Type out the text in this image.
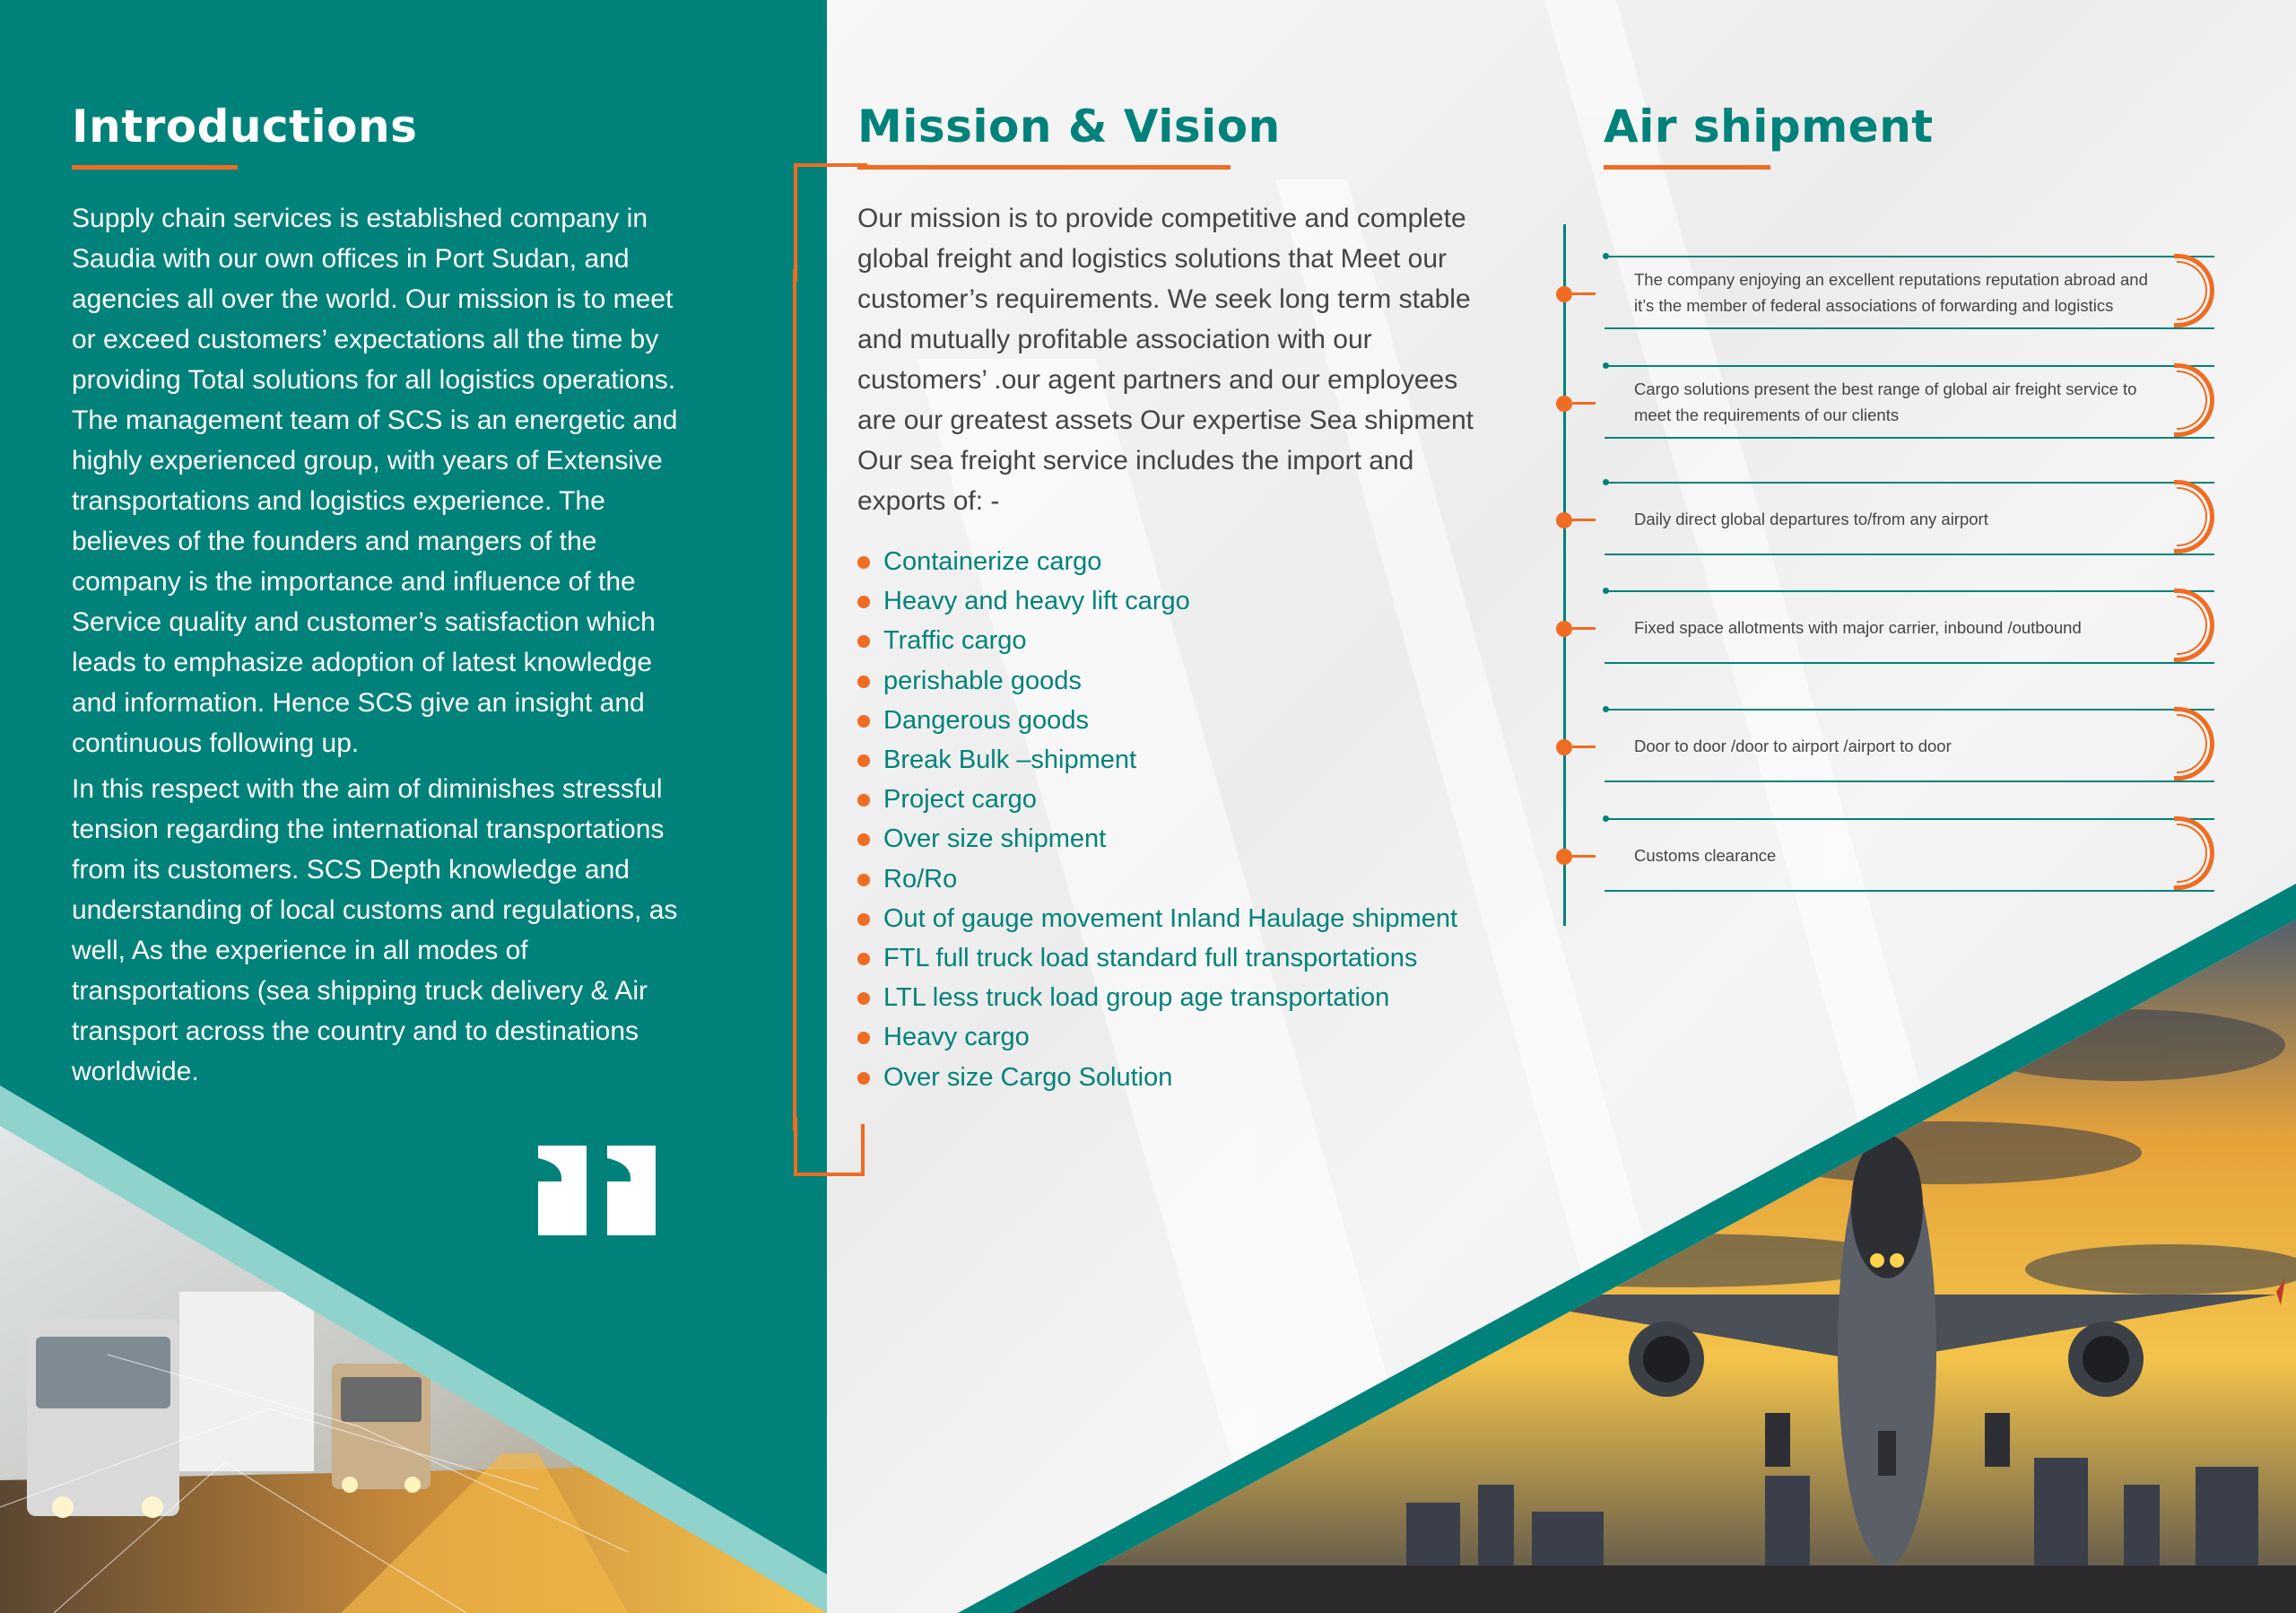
Introductions

Supply chain services is established company in Saudia with our own offices in Port Sudan, and agencies all over the world. Our mission is to meet or exceed customers’ expectations all the time by providing Total solutions for all logistics operations. The management team of SCS is an energetic and highly experienced group, with years of Extensive transportations and logistics experience. The believes of the founders and mangers of the company is the importance and influence of the Service quality and customer’s satisfaction which leads to emphasize adoption of latest knowledge and information. Hence SCS give an insight and continuous following up.

In this respect with the aim of diminishes stressful tension regarding the international transportations from its customers. SCS Depth knowledge and understanding of local customs and regulations, as well, As the experience in all modes of transportations (sea shipping truck delivery & Air transport across the country and to destinations worldwide.

Mission & Vision

Our mission is to provide competitive and complete global freight and logistics solutions that Meet our customer’s requirements. We seek long term stable and mutually profitable association with our customers’ .our agent partners and our employees are our greatest assets Our expertise Sea shipment Our sea freight service includes the import and exports of: -

Containerize cargo
Heavy and heavy lift cargo
Traffic cargo
perishable goods
Dangerous goods
Break Bulk –shipment
Project cargo
Over size shipment
Ro/Ro
Out of gauge movement Inland Haulage shipment
FTL full truck load standard full transportations
LTL less truck load group age transportation
Heavy cargo
Over size Cargo Solution
Air shipment
The company enjoying an excellent reputations reputation abroad and it’s the member of federal associations of forwarding and logistics
Cargo solutions present the best range of global air freight service to meet the requirements of our clients
Daily direct global departures to/from any airport
Fixed space allotments with major carrier, inbound /outbound
Door to door /door to airport /airport to door
Customs clearance
